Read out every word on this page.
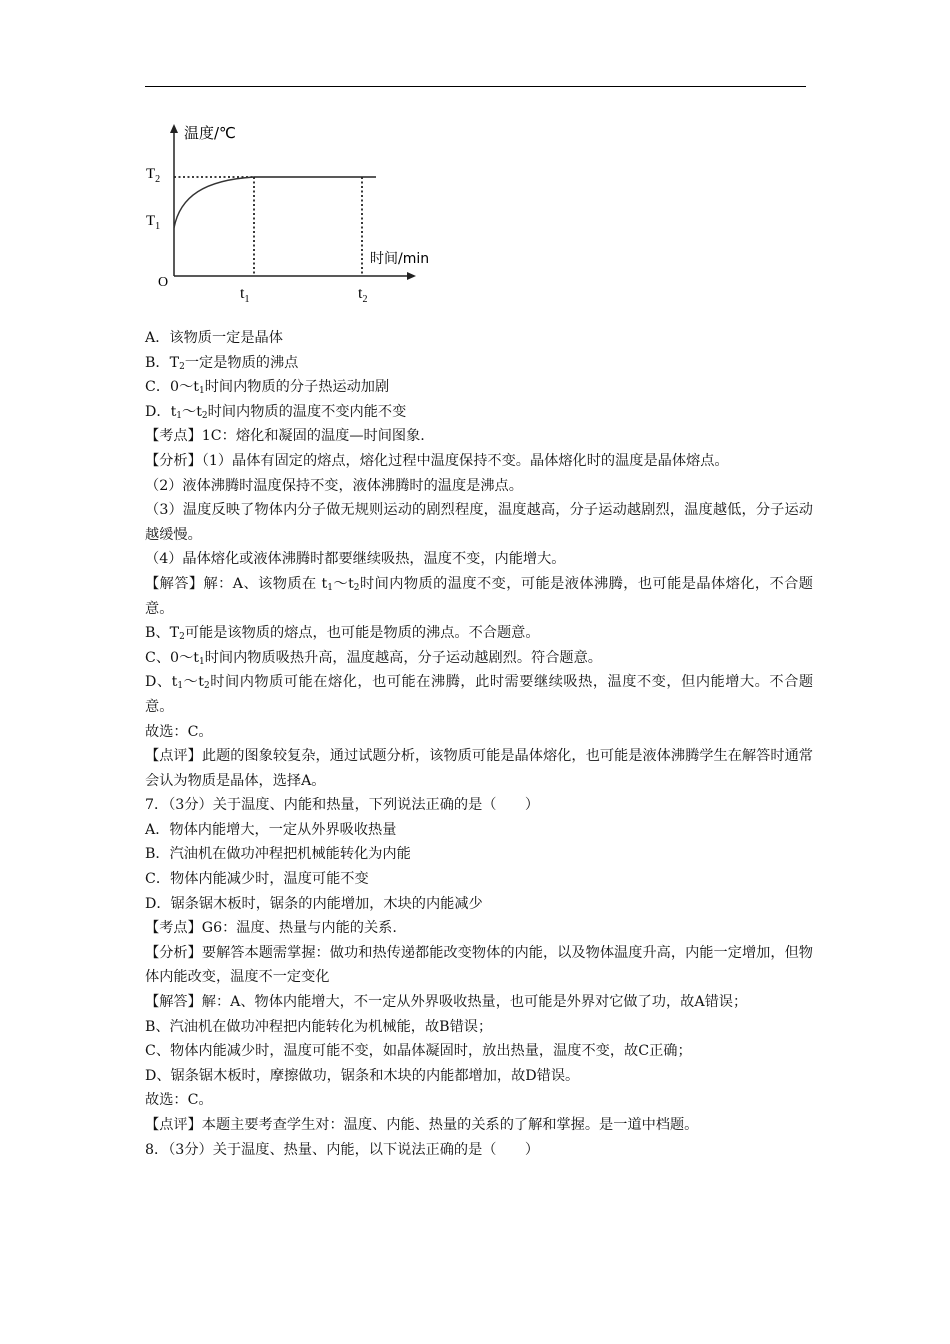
温度/℃
时间/min
O
$T_2$
$T_1$
$t_1$	$t_2$

A．该物质一定是晶体

B．$T_2$一定是物质的沸点

C．$0\sim t_1$时间内物质的分子热运动加剧

D．$t_1\sim t_2$时间内物质的温度不变内能不变

【考点】1C：熔化和凝固的温度—时间图象.

【分析】（1）晶体有固定的熔点，熔化过程中温度保持不变。晶体熔化时的温度是晶体熔点。

（2）液体沸腾时温度保持不变，液体沸腾时的温度是沸点。

（3）温度反映了物体内分子做无规则运动的剧烈程度，温度越高，分子运动越剧烈，温度越低，分子运动越缓慢。

（4）晶体熔化或液体沸腾时都要继续吸热，温度不变，内能增大。

【解答】解：A、该物质在 $t_1\sim t_2$时间内物质的温度不变，可能是液体沸腾，也可能是晶体熔化，不合题意。

B、$T_2$可能是该物质的熔点，也可能是物质的沸点。不合题意。

C、$0\sim t_1$时间内物质吸热升高，温度越高，分子运动越剧烈。符合题意。

D、$t_1\sim t_2$时间内物质可能在熔化，也可能在沸腾，此时需要继续吸热，温度不变，但内能增大。不合题意。

故选：C。

【点评】此题的图象较复杂，通过试题分析，该物质可能是晶体熔化，也可能是液体沸腾学生在解答时通常会认为物质是晶体，选择A。

7．（3分）关于温度、内能和热量，下列说法正确的是（　　）

A．物体内能增大，一定从外界吸收热量

B．汽油机在做功冲程把机械能转化为内能

C．物体内能减少时，温度可能不变

D．锯条锯木板时，锯条的内能增加，木块的内能减少

【考点】G6：温度、热量与内能的关系.

【分析】要解答本题需掌握：做功和热传递都能改变物体的内能，以及物体温度升高，内能一定增加，但物体内能改变，温度不一定变化

【解答】解：A、物体内能增大，不一定从外界吸收热量，也可能是外界对它做了功，故A错误；

B、汽油机在做功冲程把内能转化为机械能，故B错误；

C、物体内能减少时，温度可能不变，如晶体凝固时，放出热量，温度不变，故C正确；

D、锯条锯木板时，摩擦做功，锯条和木块的内能都增加，故D错误。

故选：C。

【点评】本题主要考查学生对：温度、内能、热量的关系的了解和掌握。是一道中档题。

8．（3分）关于温度、热量、内能，以下说法正确的是（　　）
